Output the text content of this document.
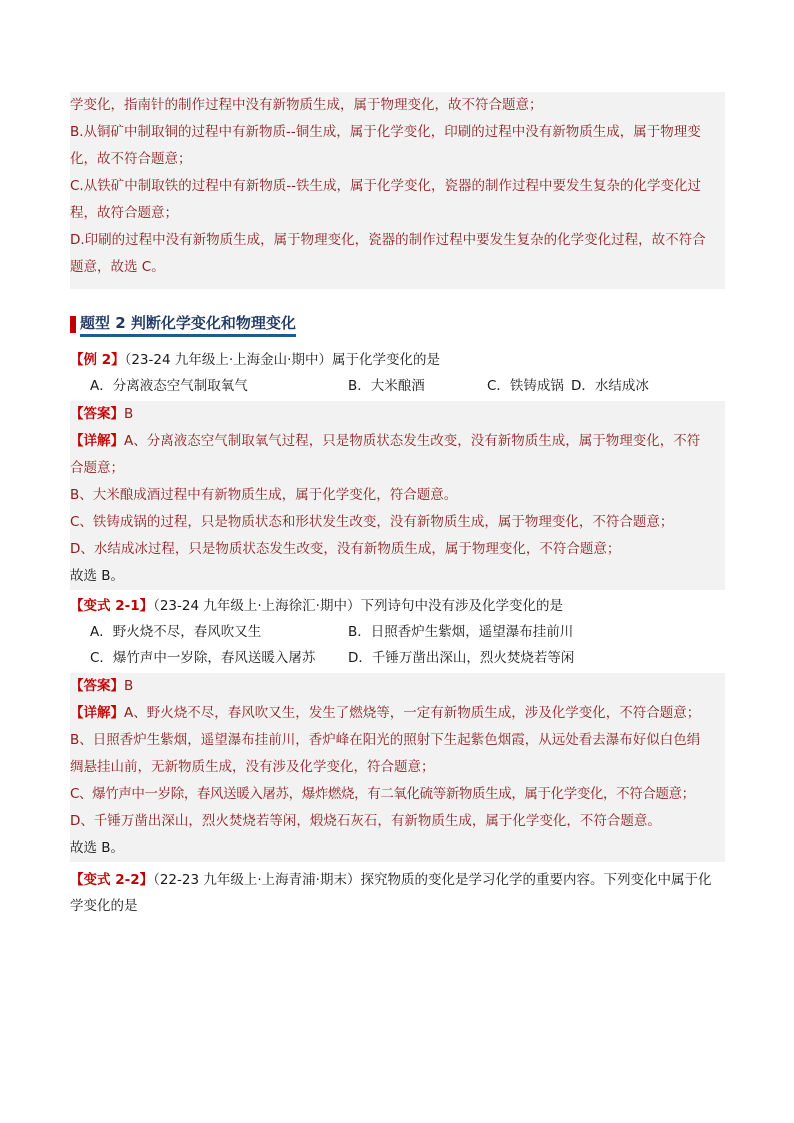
学变化，指南针的制作过程中没有新物质生成，属于物理变化，故不符合题意；
B.从铜矿中制取铜的过程中有新物质--铜生成，属于化学变化，印刷的过程中没有新物质生成，属于物理变
化，故不符合题意；
C.从铁矿中制取铁的过程中有新物质--铁生成，属于化学变化，瓷器的制作过程中要发生复杂的化学变化过
程，故符合题意；
D.印刷的过程中没有新物质生成，属于物理变化，瓷器的制作过程中要发生复杂的化学变化过程，故不符合
题意，故选 C。
题型 2 判断化学变化和物理变化
【例 2】（23-24 九年级上·上海金山·期中）属于化学变化的是
A．分离液态空气制取氧气	B．大米酿酒	C．铁铸成锅 D．水结成冰
【答案】B
【详解】A、分离液态空气制取氧气过程，只是物质状态发生改变，没有新物质生成，属于物理变化，不符
合题意；
B、大米酿成酒过程中有新物质生成，属于化学变化，符合题意。
C、铁铸成锅的过程，只是物质状态和形状发生改变，没有新物质生成，属于物理变化，不符合题意；
D、水结成冰过程，只是物质状态发生改变，没有新物质生成，属于物理变化，不符合题意；
故选 B。
【变式 2-1】（23-24 九年级上·上海徐汇·期中）下列诗句中没有涉及化学变化的是
A．野火烧不尽，春风吹又生	B．日照香炉生紫烟，遥望瀑布挂前川
C．爆竹声中一岁除，春风送暖入屠苏	D．千锤万凿出深山，烈火焚烧若等闲
【答案】B
【详解】A、野火烧不尽，春风吹又生，发生了燃烧等，一定有新物质生成，涉及化学变化，不符合题意；
B、日照香炉生紫烟，遥望瀑布挂前川，香炉峰在阳光的照射下生起紫色烟霞，从远处看去瀑布好似白色绢
绸悬挂山前，无新物质生成，没有涉及化学变化，符合题意；
C、爆竹声中一岁除，春风送暖入屠苏，爆炸燃烧，有二氧化硫等新物质生成，属于化学变化，不符合题意；
D、千锤万凿出深山，烈火焚烧若等闲，煅烧石灰石，有新物质生成，属于化学变化，不符合题意。
故选 B。
【变式 2-2】（22-23 九年级上·上海青浦·期末）探究物质的变化是学习化学的重要内容。下列变化中属于化
学变化的是
